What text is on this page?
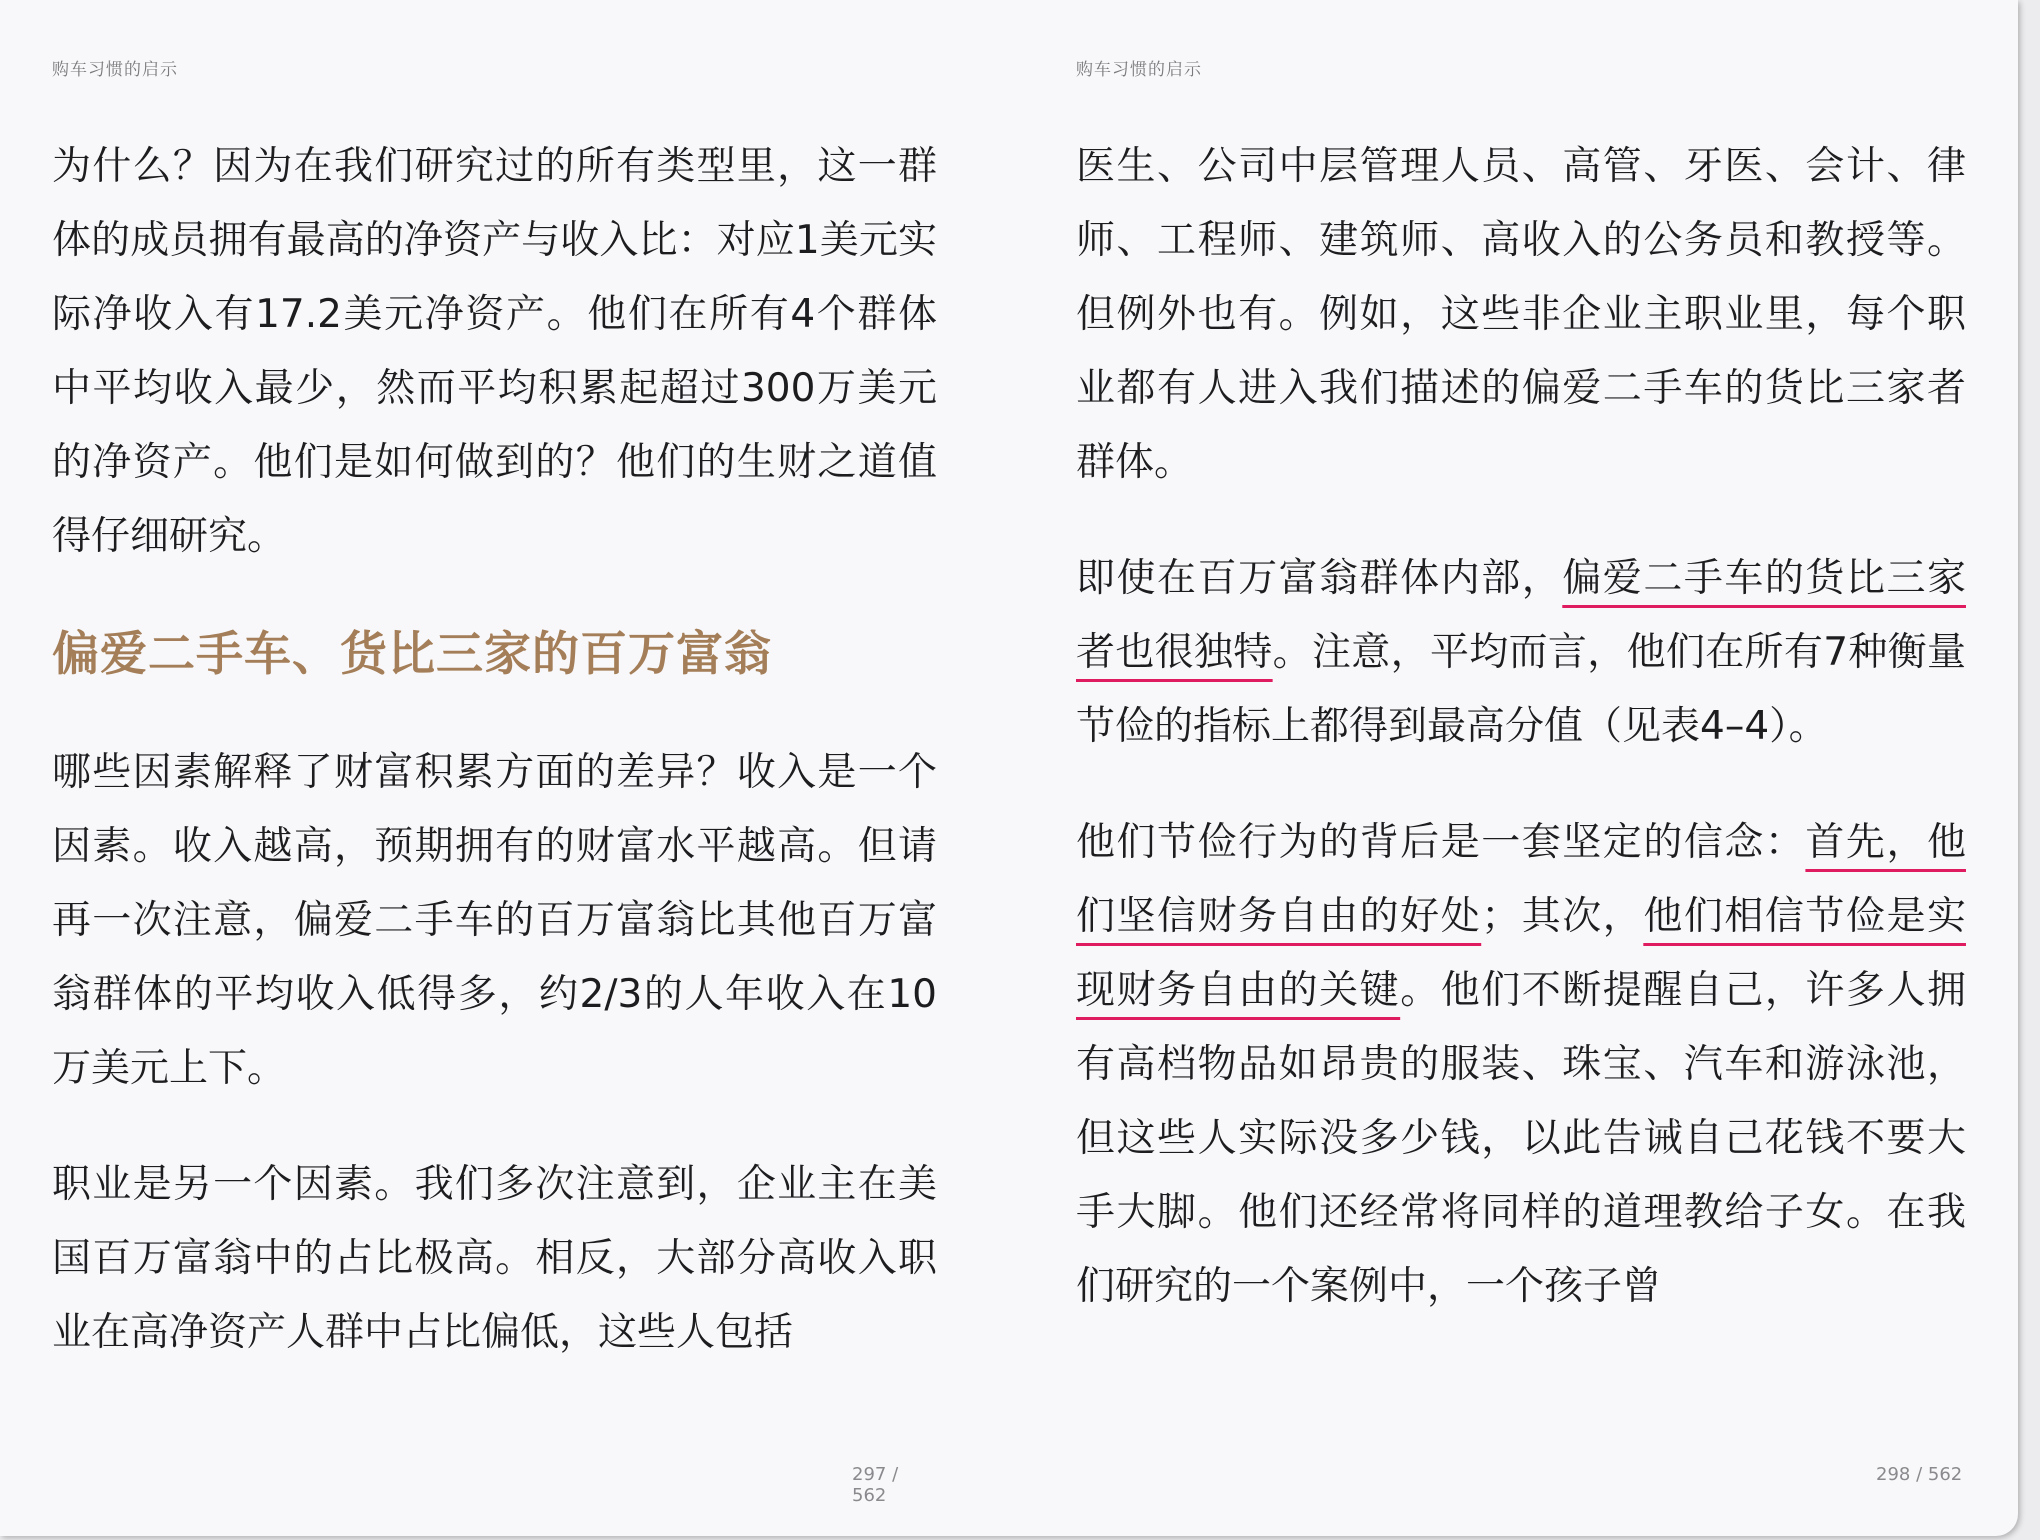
购车习惯的启示

为什么？因为在我们研究过的所有类型里，这一群体的成员拥有最高的净资产与收入比：对应1美元实际净收入有17.2美元净资产。他们在所有4个群体中平均收入最少，然而平均积累起超过300万美元的净资产。他们是如何做到的？他们的生财之道值得仔细研究。

偏爱二手车、货比三家的百万富翁

哪些因素解释了财富积累方面的差异？收入是一个因素。收入越高，预期拥有的财富水平越高。但请再一次注意，偏爱二手车的百万富翁比其他百万富翁群体的平均收入低得多，约2/3的人年收入在10万美元上下。

职业是另一个因素。我们多次注意到，企业主在美国百万富翁中的占比极高。相反，大部分高收入职业在高净资产人群中占比偏低，这些人包括

297 / 562
购车习惯的启示

医生、公司中层管理人员、高管、牙医、会计、律师、工程师、建筑师、高收入的公务员和教授等。但例外也有。例如，这些非企业主职业里，每个职业都有人进入我们描述的偏爱二手车的货比三家者群体。

即使在百万富翁群体内部，偏爱二手车的货比三家者也很独特。注意，平均而言，他们在所有7种衡量节俭的指标上都得到最高分值（见表4–4）。

他们节俭行为的背后是一套坚定的信念：首先，他们坚信财务自由的好处；其次，他们相信节俭是实现财务自由的关键。他们不断提醒自己，许多人拥有高档物品如昂贵的服装、珠宝、汽车和游泳池，但这些人实际没多少钱，以此告诫自己花钱不要大手大脚。他们还经常将同样的道理教给子女。在我们研究的一个案例中，一个孩子曾

298 / 562
